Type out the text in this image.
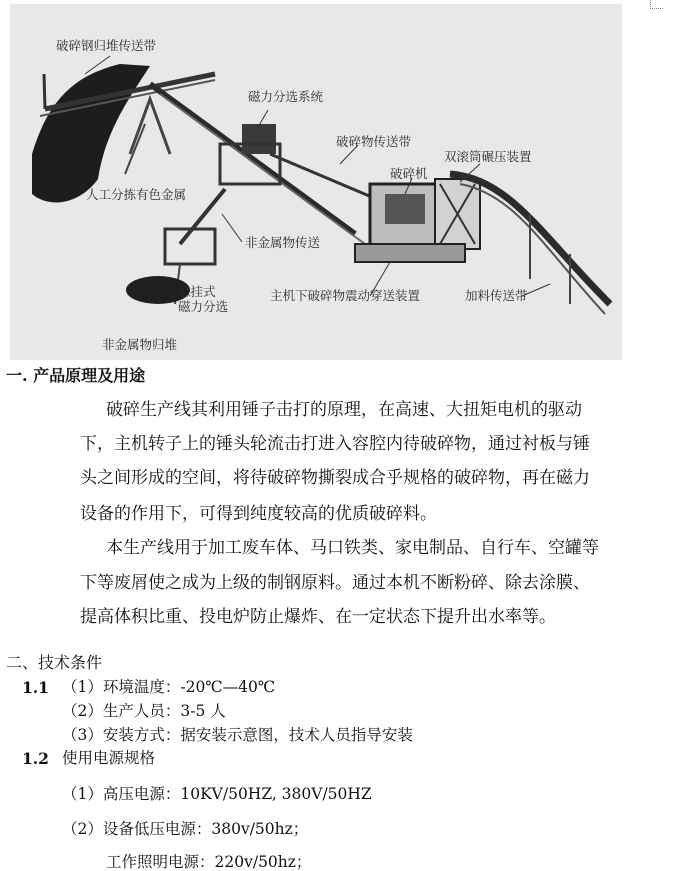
破碎钢归堆传送带
磁力分选系统
破碎物传送带
破碎机
双滚筒碾压装置
人工分拣有色金属
非金属物传送
悬挂式
磁力分选
主机下破碎物震动穿送装置	加料传送带
非金属物归堆
一. 产品原理及用途
破碎生产线其利用锤子击打的原理，在高速、大扭矩电机的驱动
下，主机转子上的锤头轮流击打进入容腔内待破碎物，通过衬板与锤
头之间形成的空间，将待破碎物撕裂成合乎规格的破碎物，再在磁力
设备的作用下，可得到纯度较高的优质破碎料。
本生产线用于加工废车体、马口铁类、家电制品、自行车、空罐等
下等废屑使之成为上级的制钢原料。通过本机不断粉碎、除去涂膜、
提高体积比重、投电炉防止爆炸、在一定状态下提升出水率等。
二、技术条件
1.1 （1）环境温度：-20℃—40℃
（2）生产人员：3-5 人
（3）安装方式：据安装示意图，技术人员指导安装
1.2 使用电源规格
（1）高压电源：10KV/50HZ, 380V/50HZ
（2）设备低压电源：380v/50hz；
工作照明电源：220v/50hz；
